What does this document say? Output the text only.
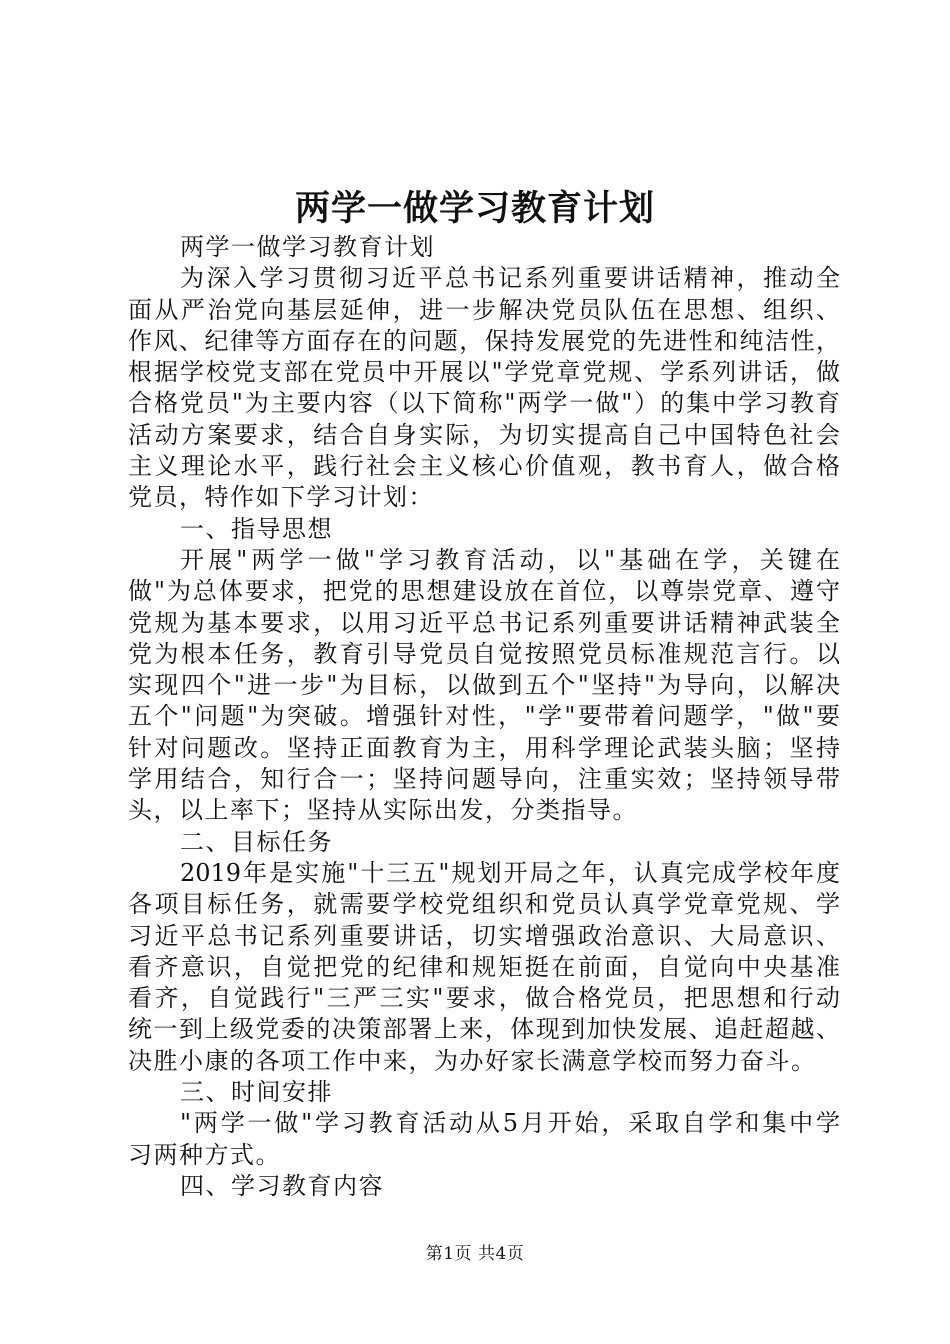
两学一做学习教育计划
两学一做学习教育计划
为深入学习贯彻习近平总书记系列重要讲话精神，推动全
面从严治党向基层延伸，进一步解决党员队伍在思想、组织、
作风、纪律等方面存在的问题，保持发展党的先进性和纯洁性，
根据学校党支部在党员中开展以"学党章党规、学系列讲话，做
合格党员"为主要内容（以下简称"两学一做"）的集中学习教育
活动方案要求，结合自身实际，为切实提高自己中国特色社会
主义理论水平，践行社会主义核心价值观，教书育人，做合格
党员，特作如下学习计划：
一、指导思想
开展"两学一做"学习教育活动，以"基础在学，关键在
做"为总体要求，把党的思想建设放在首位，以尊崇党章、遵守
党规为基本要求，以用习近平总书记系列重要讲话精神武装全
党为根本任务，教育引导党员自觉按照党员标准规范言行。以
实现四个"进一步"为目标，以做到五个"坚持"为导向，以解决
五个"问题"为突破。增强针对性，"学"要带着问题学，"做"要
针对问题改。坚持正面教育为主，用科学理论武装头脑；坚持
学用结合，知行合一；坚持问题导向，注重实效；坚持领导带
头，以上率下；坚持从实际出发，分类指导。
二、目标任务
2019年是实施"十三五"规划开局之年，认真完成学校年度
各项目标任务，就需要学校党组织和党员认真学党章党规、学
习近平总书记系列重要讲话，切实增强政治意识、大局意识、
看齐意识，自觉把党的纪律和规矩挺在前面，自觉向中央基准
看齐，自觉践行"三严三实"要求，做合格党员，把思想和行动
统一到上级党委的决策部署上来，体现到加快发展、追赶超越、
决胜小康的各项工作中来，为办好家长满意学校而努力奋斗。
三、时间安排
"两学一做"学习教育活动从5月开始，采取自学和集中学
习两种方式。
四、学习教育内容
第1页 共4页
